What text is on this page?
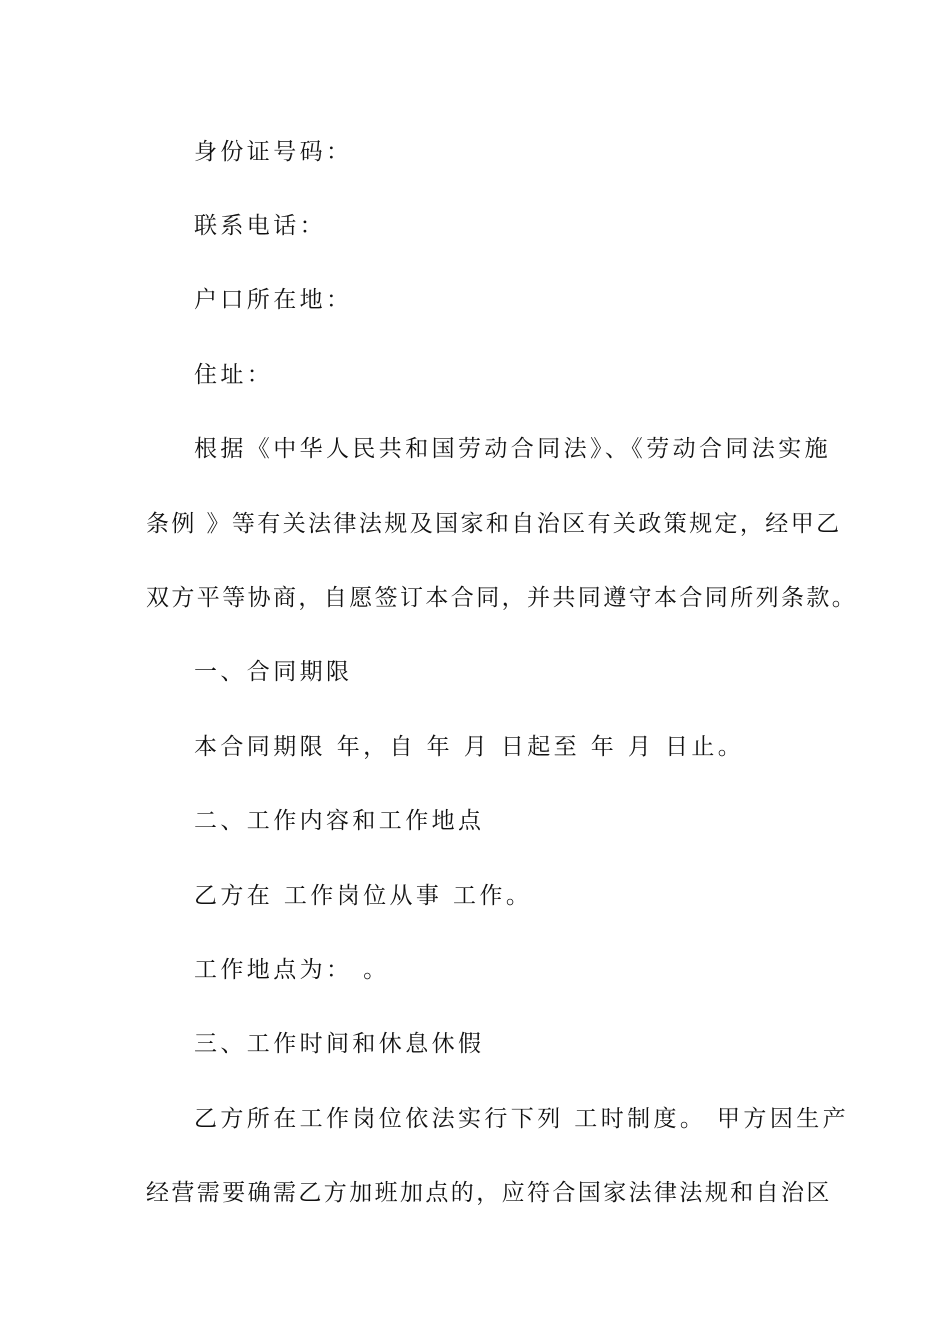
身份证号码：

联系电话：

户口所在地：

住址：

根据《中华人民共和国劳动合同法》、《劳动合同法实施

条例 》等有关法律法规及国家和自治区有关政策规定，经甲乙

双方平等协商，自愿签订本合同，并共同遵守本合同所列条款。

一、合同期限

本合同期限 年，自 年 月 日起至 年 月 日止。

二、工作内容和工作地点

乙方在 工作岗位从事 工作。

工作地点为： 。

三、工作时间和休息休假

乙方所在工作岗位依法实行下列 工时制度。 甲方因生产

经营需要确需乙方加班加点的，应符合国家法律法规和自治区
